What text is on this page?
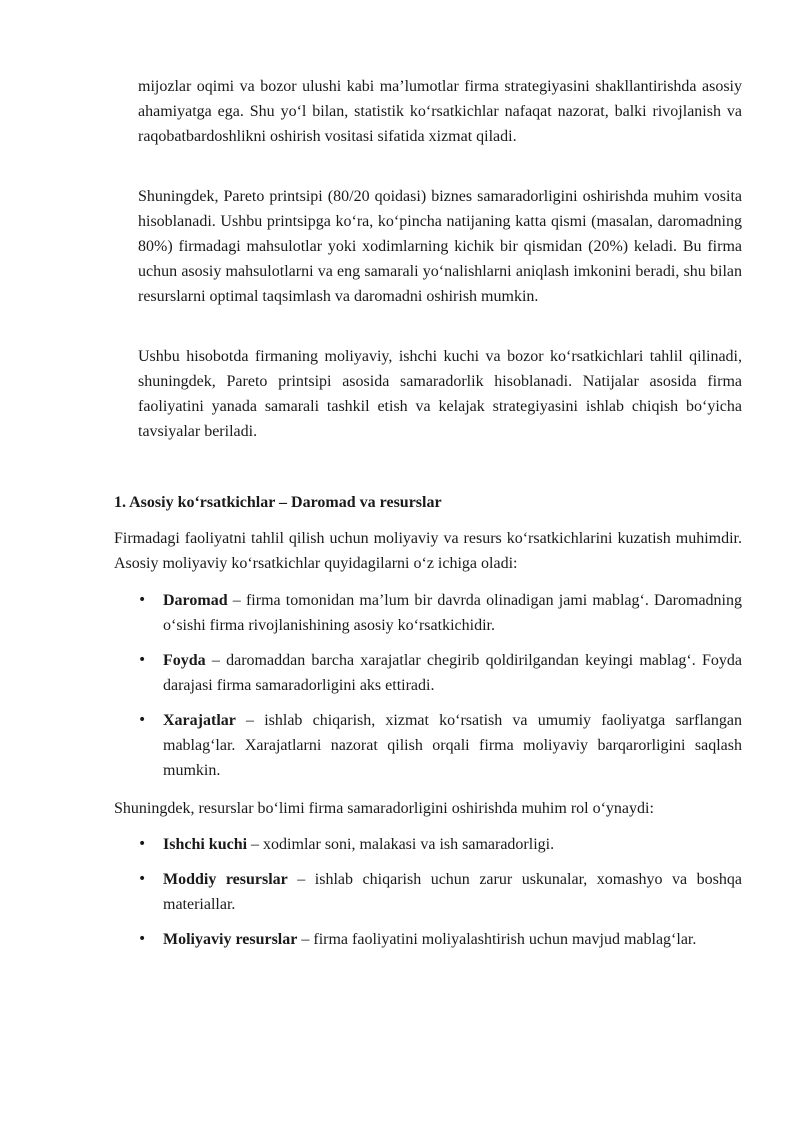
mijozlar oqimi va bozor ulushi kabi ma’lumotlar firma strategiyasini shakllantirishda asosiy ahamiyatga ega. Shu yo‘l bilan, statistik ko‘rsatkichlar nafaqat nazorat, balki rivojlanish va raqobatbardoshlikni oshirish vositasi sifatida xizmat qiladi.

Shuningdek, Pareto printsipi (80/20 qoidasi) biznes samaradorligini oshirishda muhim vosita hisoblanadi. Ushbu printsipga ko‘ra, ko‘pincha natijaning katta qismi (masalan, daromadning 80%) firmadagi mahsulotlar yoki xodimlarning kichik bir qismidan (20%) keladi. Bu firma uchun asosiy mahsulotlarni va eng samarali yo‘nalishlarni aniqlash imkonini beradi, shu bilan resurslarni optimal taqsimlash va daromadni oshirish mumkin.

Ushbu hisobotda firmaning moliyaviy, ishchi kuchi va bozor ko‘rsatkichlari tahlil qilinadi, shuningdek, Pareto printsipi asosida samaradorlik hisoblanadi. Natijalar asosida firma faoliyatini yanada samarali tashkil etish va kelajak strategiyasini ishlab chiqish bo‘yicha tavsiyalar beriladi.

1. Asosiy ko‘rsatkichlar – Daromad va resurslar

Firmadagi faoliyatni tahlil qilish uchun moliyaviy va resurs ko‘rsatkichlarini kuzatish muhimdir. Asosiy moliyaviy ko‘rsatkichlar quyidagilarni o‘z ichiga oladi:

• Daromad – firma tomonidan ma’lum bir davrda olinadigan jami mablag‘. Daromadning o‘sishi firma rivojlanishining asosiy ko‘rsatkichidir.
• Foyda – daromaddan barcha xarajatlar chegirib qoldirilgandan keyingi mablag‘. Foyda darajasi firma samaradorligini aks ettiradi.
• Xarajatlar – ishlab chiqarish, xizmat ko‘rsatish va umumiy faoliyatga sarflangan mablag‘lar. Xarajatlarni nazorat qilish orqali firma moliyaviy barqarorligini saqlash mumkin.

Shuningdek, resurslar bo‘limi firma samaradorligini oshirishda muhim rol o‘ynaydi:

• Ishchi kuchi – xodimlar soni, malakasi va ish samaradorligi.
• Moddiy resurslar – ishlab chiqarish uchun zarur uskunalar, xomashyo va boshqa materiallar.
• Moliyaviy resurslar – firma faoliyatini moliyalashtirish uchun mavjud mablag‘lar.
